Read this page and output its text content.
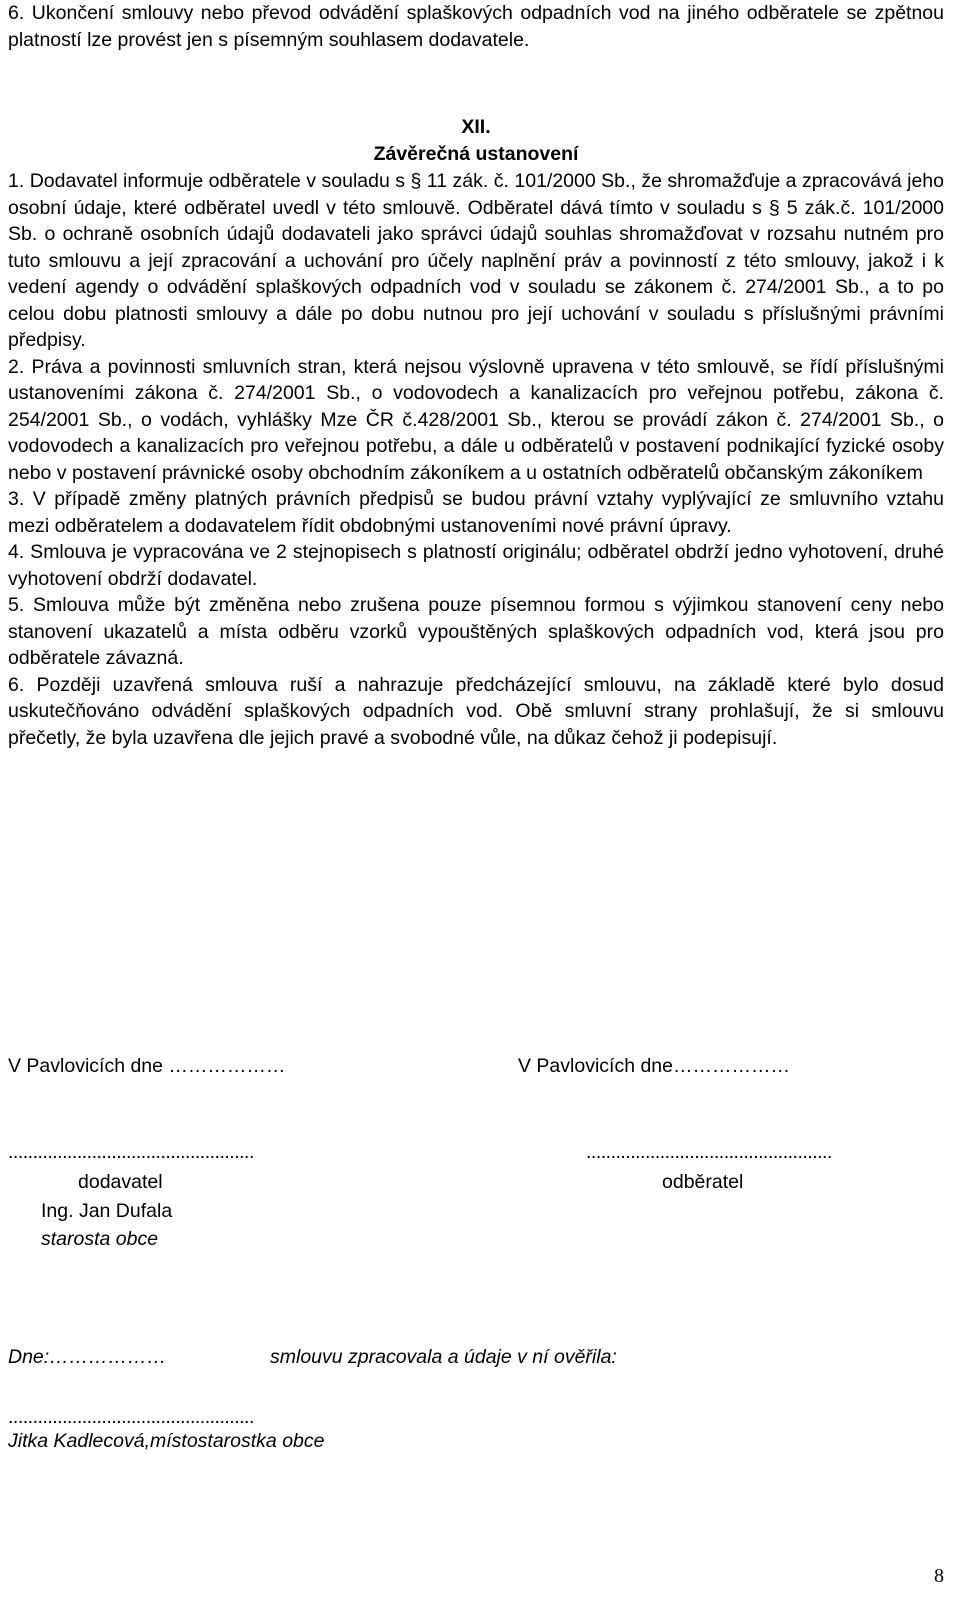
6. Ukončení smlouvy nebo převod odvádění splaškových odpadních vod na jiného odběratele se zpětnou platností lze provést jen s písemným souhlasem dodavatele.

XII.
Závěrečná ustanovení

1. Dodavatel informuje odběratele v souladu s § 11 zák. č. 101/2000 Sb., že shromažďuje a zpracovává jeho osobní údaje, které odběratel uvedl v této smlouvě. Odběratel dává tímto v souladu s § 5 zák.č. 101/2000 Sb. o ochraně osobních údajů dodavateli jako správci údajů souhlas shromažďovat v rozsahu nutném pro tuto smlouvu a její zpracování a uchování pro účely naplnění práv a povinností z této smlouvy, jakož i k vedení agendy o odvádění splaškových odpadních vod v souladu se zákonem č. 274/2001 Sb., a to po celou dobu platnosti smlouvy a dále po dobu nutnou pro její uchování v souladu s příslušnými právními předpisy.

2. Práva a povinnosti smluvních stran, která nejsou výslovně upravena v této smlouvě, se řídí příslušnými ustanoveními zákona č. 274/2001 Sb., o vodovodech a kanalizacích pro veřejnou potřebu, zákona č. 254/2001 Sb., o vodách, vyhlášky Mze ČR č.428/2001 Sb., kterou se provádí zákon č. 274/2001 Sb., o vodovodech a kanalizacích pro veřejnou potřebu, a dále u odběratelů v postavení podnikající fyzické osoby nebo v postavení právnické osoby obchodním zákoníkem a u ostatních odběratelů občanským zákoníkem

3. V případě změny platných právních předpisů se budou právní vztahy vyplývající ze smluvního vztahu mezi odběratelem a dodavatelem řídit obdobnými ustanoveními nové právní úpravy.

4. Smlouva je vypracována ve 2 stejnopisech s platností originálu; odběratel obdrží jedno vyhotovení, druhé vyhotovení obdrží dodavatel.

5. Smlouva může být změněna nebo zrušena pouze písemnou formou s výjimkou stanovení ceny nebo stanovení ukazatelů a místa odběru vzorků vypouštěných splaškových odpadních vod, která jsou pro odběratele závazná.

6. Později uzavřená smlouva ruší a nahrazuje předcházející smlouvu, na základě které bylo dosud uskutečňováno odvádění splaškových odpadních vod. Obě smluvní strany prohlašují, že si smlouvu přečetly, že byla uzavřena dle jejich pravé a svobodné vůle, na důkaz čehož ji podepisují.

V Pavlovicích dne ………………	V Pavlovicích dne………………
..................................................	..................................................
dodavatel	odběratel
Ing. Jan Dufala
starosta obce
Dne:………………	smlouvu zpracovala a údaje v ní ověřila:
..................................................
Jitka Kadlecová,místostarostka obce
8
